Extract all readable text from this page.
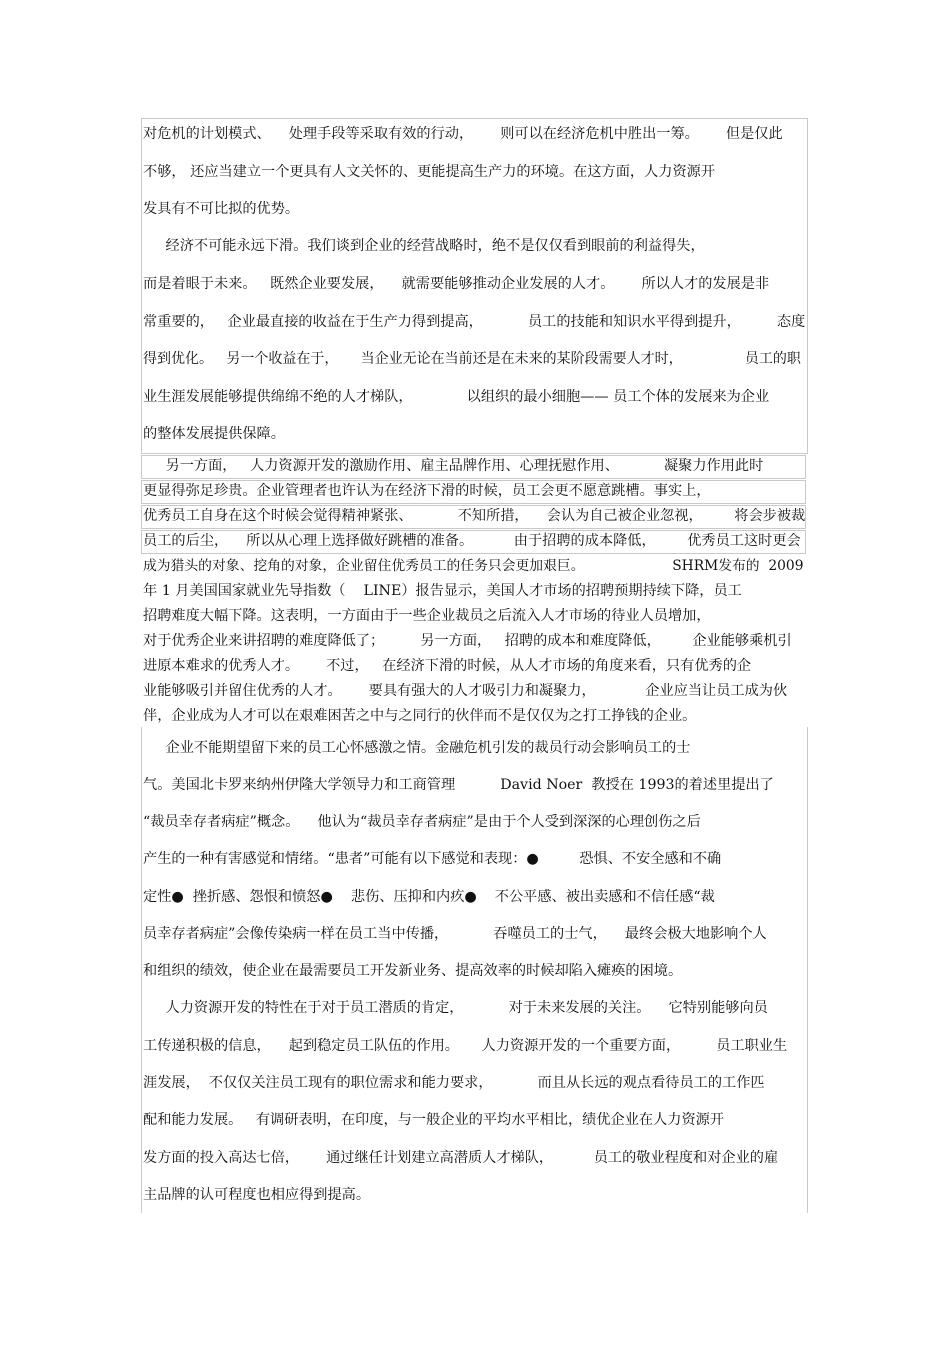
对危机的计划模式、    处理手段等采取有效的行动，      则可以在经济危机中胜出一筹。      但是仅此
不够， 还应当建立一个更具有人文关怀的、更能提高生产力的环境。在这方面，人力资源开
发具有不可比拟的优势。
经济不可能永远下滑。我们谈到企业的经营战略时，绝不是仅仅看到眼前的利益得失，
而是着眼于未来。   既然企业要发展，    就需要能够推动企业发展的人才。      所以人才的发展是非
常重要的，   企业最直接的收益在于生产力得到提高，          员工的技能和知识水平得到提升，        态度
得到优化。   另一个收益在于，     当企业无论在当前还是在未来的某阶段需要人才时，              员工的职
业生涯发展能够提供绵绵不绝的人才梯队，            以组织的最小细胞—— 员工个体的发展来为企业
的整体发展提供保障。
另一方面，   人力资源开发的激励作用、雇主品牌作用、心理抚慰作用、          凝聚力作用此时
更显得弥足珍贵。企业管理者也许认为在经济下滑的时候，员工会更不愿意跳槽。事实上，
优秀员工自身在这个时候会觉得精神紧张、          不知所措，    会认为自己被企业忽视，       将会步被裁
员工的后尘，    所以从心理上选择做好跳槽的准备。         由于招聘的成本降低，       优秀员工这时更会
成为猎头的对象、挖角的对象，企业留住优秀员工的任务只会更加艰巨。                    SHRM发布的  2009
年 1 月美国国家就业先导指数（    LINE）报告显示，美国人才市场的招聘预期持续下降，员工
招聘难度大幅下降。这表明，一方面由于一些企业裁员之后流入人才市场的待业人员增加，
对于优秀企业来讲招聘的难度降低了；        另一方面，   招聘的成本和难度降低，       企业能够乘机引
进原本难求的优秀人才。      不过，   在经济下滑的时候，从人才市场的角度来看，只有优秀的企
业能够吸引并留住优秀的人才。      要具有强大的人才吸引力和凝聚力，           企业应当让员工成为伙
伴，企业成为人才可以在艰难困苦之中与之同行的伙伴而不是仅仅为之打工挣钱的企业。
企业不能期望留下来的员工心怀感激之情。金融危机引发的裁员行动会影响员工的士
气。美国北卡罗来纳州伊隆大学领导力和工商管理          David Noer  教授在 1993的着述里提出了
“裁员幸存者病症”概念。    他认为“裁员幸存者病症”是由于个人受到深深的心理创伤之后
产生的一种有害感觉和情绪。“患者”可能有以下感觉和表现：●         恐惧、不安全感和不确
定性●  挫折感、怨恨和愤怒●    悲伤、压抑和内疚●    不公平感、被出卖感和不信任感“裁
员幸存者病症”会像传染病一样在员工当中传播，          吞噬员工的士气，    最终会极大地影响个人
和组织的绩效，使企业在最需要员工开发新业务、提高效率的时候却陷入瘫痪的困境。
人力资源开发的特性在于对于员工潜质的肯定，          对于未来发展的关注。    它特别能够向员
工传递积极的信息，    起到稳定员工队伍的作用。     人力资源开发的一个重要方面，        员工职业生
涯发展，  不仅仅关注员工现有的职位需求和能力要求，          而且从长远的观点看待员工的工作匹
配和能力发展。   有调研表明，在印度，与一般企业的平均水平相比，绩优企业在人力资源开
发方面的投入高达七倍，      通过继任计划建立高潜质人才梯队，         员工的敬业程度和对企业的雇
主品牌的认可程度也相应得到提高。
